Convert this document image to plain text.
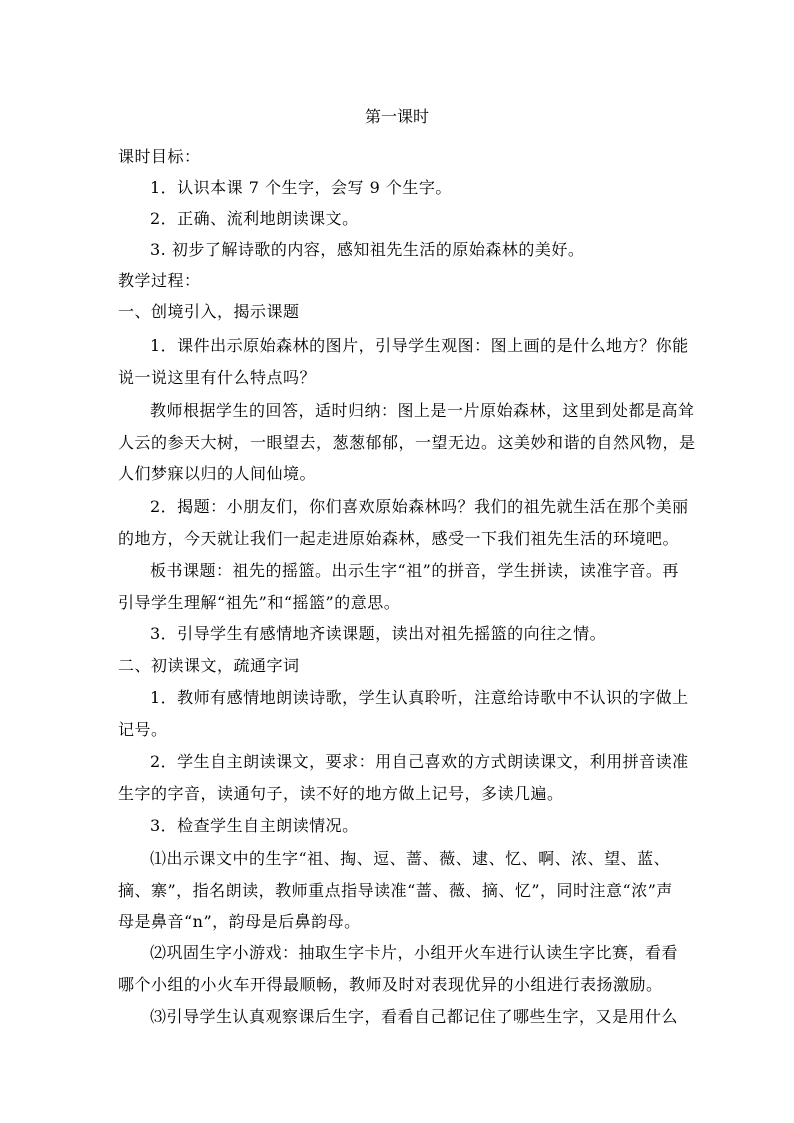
第一课时
课时目标：
1．认识本课 7 个生字，会写 9 个生字。
2．正确、流利地朗读课文。
3. 初步了解诗歌的内容，感知祖先生活的原始森林的美好。
教学过程：
一、创境引入，揭示课题
1．课件出示原始森林的图片，引导学生观图：图上画的是什么地方？你能
说一说这里有什么特点吗？
教师根据学生的回答，适时归纳：图上是一片原始森林，这里到处都是高耸
人云的参天大树，一眼望去，葱葱郁郁，一望无边。这美妙和谐的自然风物，是
人们梦寐以归的人间仙境。
2．揭题：小朋友们，你们喜欢原始森林吗？我们的祖先就生活在那个美丽
的地方，今天就让我们一起走进原始森林，感受一下我们祖先生活的环境吧。
板书课题：祖先的摇篮。出示生字“祖”的拼音，学生拼读，读准字音。再
引导学生理解“祖先”和“摇篮”的意思。
3．引导学生有感情地齐读课题，读出对祖先摇篮的向往之情。
二、初读课文，疏通字词
1．教师有感情地朗读诗歌，学生认真聆听，注意给诗歌中不认识的字做上
记号。
2．学生自主朗读课文，要求：用自己喜欢的方式朗读课文，利用拼音读准
生字的字音，读通句子，读不好的地方做上记号，多读几遍。
3．检查学生自主朗读情况。
⑴出示课文中的生字“祖、掏、逗、蔷、薇、逮、忆、啊、浓、望、蓝、
摘、寨”，指名朗读，教师重点指导读准“蔷、薇、摘、忆”，同时注意“浓”声
母是鼻音“n”，韵母是后鼻韵母。
⑵巩固生字小游戏：抽取生字卡片，小组开火车进行认读生字比赛，看看
哪个小组的小火车开得最顺畅，教师及时对表现优异的小组进行表扬激励。
⑶引导学生认真观察课后生字，看看自己都记住了哪些生字，又是用什么
